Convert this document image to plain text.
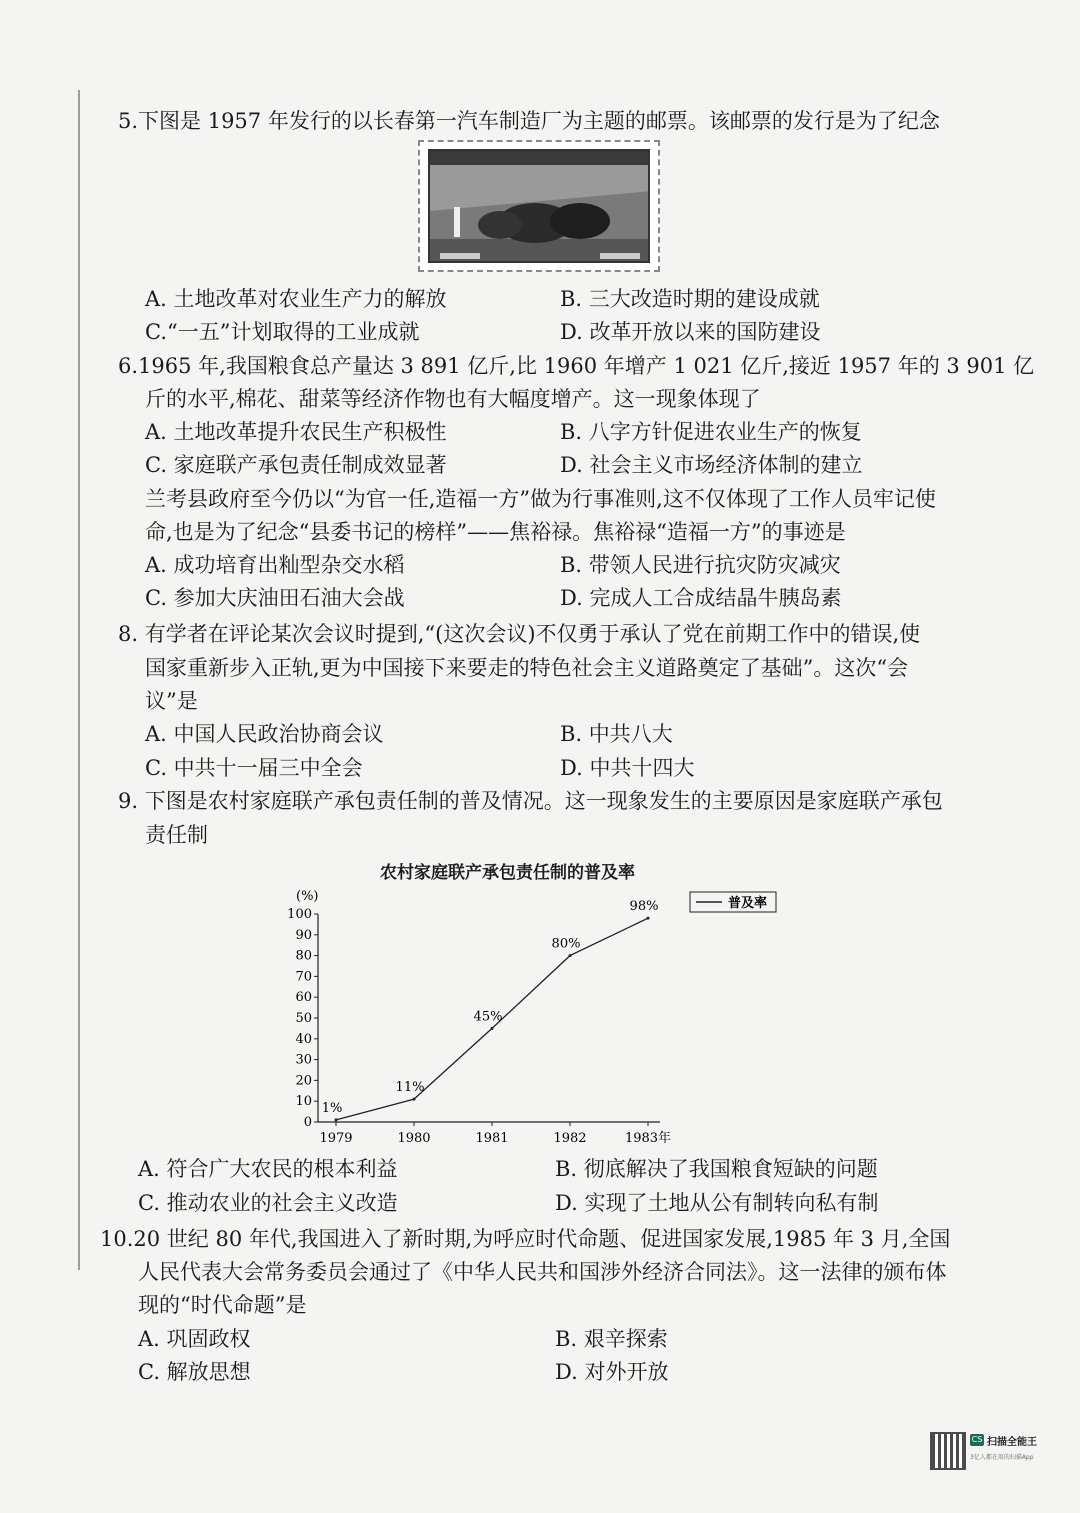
5.下图是 1957 年发行的以长春第一汽车制造厂为主题的邮票。该邮票的发行是为了纪念
A. 土地改革对农业生产力的解放	B. 三大改造时期的建设成就
C.“一五”计划取得的工业成就	D. 改革开放以来的国防建设
6.1965 年,我国粮食总产量达 3 891 亿斤,比 1960 年增产 1 021 亿斤,接近 1957 年的 3 901 亿
斤的水平,棉花、甜菜等经济作物也有大幅度增产。这一现象体现了
A. 土地改革提升农民生产积极性	B. 八字方针促进农业生产的恢复
C. 家庭联产承包责任制成效显著	D. 社会主义市场经济体制的建立
兰考县政府至今仍以“为官一任,造福一方”做为行事准则,这不仅体现了工作人员牢记使
命,也是为了纪念“县委书记的榜样”——焦裕禄。焦裕禄“造福一方”的事迹是
A. 成功培育出籼型杂交水稻	B. 带领人民进行抗灾防灾减灾
C. 参加大庆油田石油大会战	D. 完成人工合成结晶牛胰岛素
8. 有学者在评论某次会议时提到,“(这次会议)不仅勇于承认了党在前期工作中的错误,使
国家重新步入正轨,更为中国接下来要走的特色社会主义道路奠定了基础”。这次“会
议”是
A. 中国人民政治协商会议	B. 中共八大
C. 中共十一届三中全会	D. 中共十四大
9. 下图是农村家庭联产承包责任制的普及情况。这一现象发生的主要原因是家庭联产承包
责任制
农村家庭联产承包责任制的普及率
(%)
0
10
20
30
40
50
60
70
80
90
100
1979	1980	1981	1982	1983年
1%
11%
45%
80%
98%	普及率
A. 符合广大农民的根本利益	B. 彻底解决了我国粮食短缺的问题
C. 推动农业的社会主义改造	D. 实现了土地从公有制转向私有制
10.20 世纪 80 年代,我国进入了新时期,为呼应时代命题、促进国家发展,1985 年 3 月,全国
人民代表大会常务委员会通过了《中华人民共和国涉外经济合同法》。这一法律的颁布体
现的“时代命题”是
A. 巩固政权	B. 艰辛探索
C. 解放思想	D. 对外开放
CS 扫描全能王
3亿人都在用的扫描App
